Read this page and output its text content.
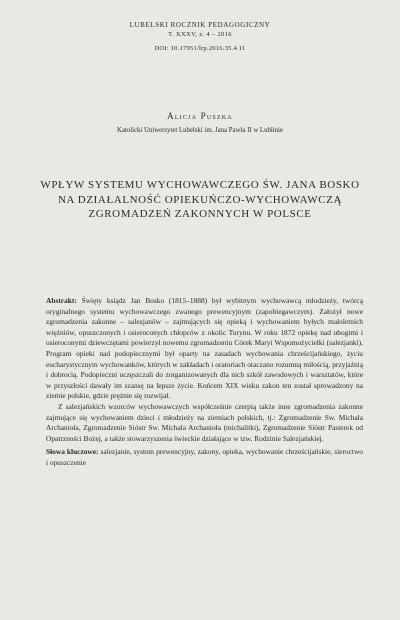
LUBELSKI ROCZNIK PEDAGOGICZNY
T. XXXV, z. 4 – 2016
DOI: 10.17951/lrp.2016.35.4.11
Alicja Puszka
Katolicki Uniwersytet Lubelski im. Jana Pawła II w Lublinie
WPŁYW SYSTEMU WYCHOWAWCZEGO ŚW. JANA BOSKO
NA DZIAŁALNOŚĆ OPIEKUŃCZO-WYCHOWAWCZĄ
ZGROMADZEŃ ZAKONNYCH W POLSCE

Abstrakt: Święty ksiądz Jan Bosko (1815–1888) był wybitnym wychowawcą młodzieży, twórcą oryginalnego systemu wychowawczego zwanego prewencyjnym (zapobiegawczym). Założył nowe zgromadzenia zakonne – salezjanów – zajmujących się opieką i wychowaniem byłych małoletnich więźniów, opuszczonych i osieroconych chłopców z okolic Turynu. W roku 1872 opiekę nad ubogimi i osieroconymi dziewczętami powierzył nowemu zgromadzeniu Córek Maryi Wspomożycielki (salezjanki). Program opieki nad podopiecznymi był oparty na zasadach wychowania chrześcijańskiego, życiu eucharystycznym wychowanków, których w zakładach i oratoriach otaczano rozumną miłością, przyjaźnią i dobrocią. Podopieczni uczęszczali do zorganizowanych dla nich szkół zawodowych i warsztatów, które w przyszłości dawały im szansę na lepsze życie. Końcem XIX wieku zakon ten został sprowadzony na ziemie polskie, gdzie prężnie się rozwijał.

Z salezjańskich wzorców wychowawczych współcześnie czerpią także inne zgromadzenia zakonne zajmujące się wychowaniem dzieci i młodzieży na ziemiach polskich, tj.: Zgromadzenie Sw. Michała Archanioła, Zgromadzenie Sióstr Sw. Michała Archanioła (michalitki), Zgromadzenie Sióstr Pasterek od Opatrzności Bożej, a także stowarzyszenia świeckie działające w tzw. Rodzinie Salezjańskiej.

Słowa kluczowe: salezjanie, system prewencyjny, zakony, opieka, wychowanie chrześcijańskie, sieroctwo i opuszczenie
